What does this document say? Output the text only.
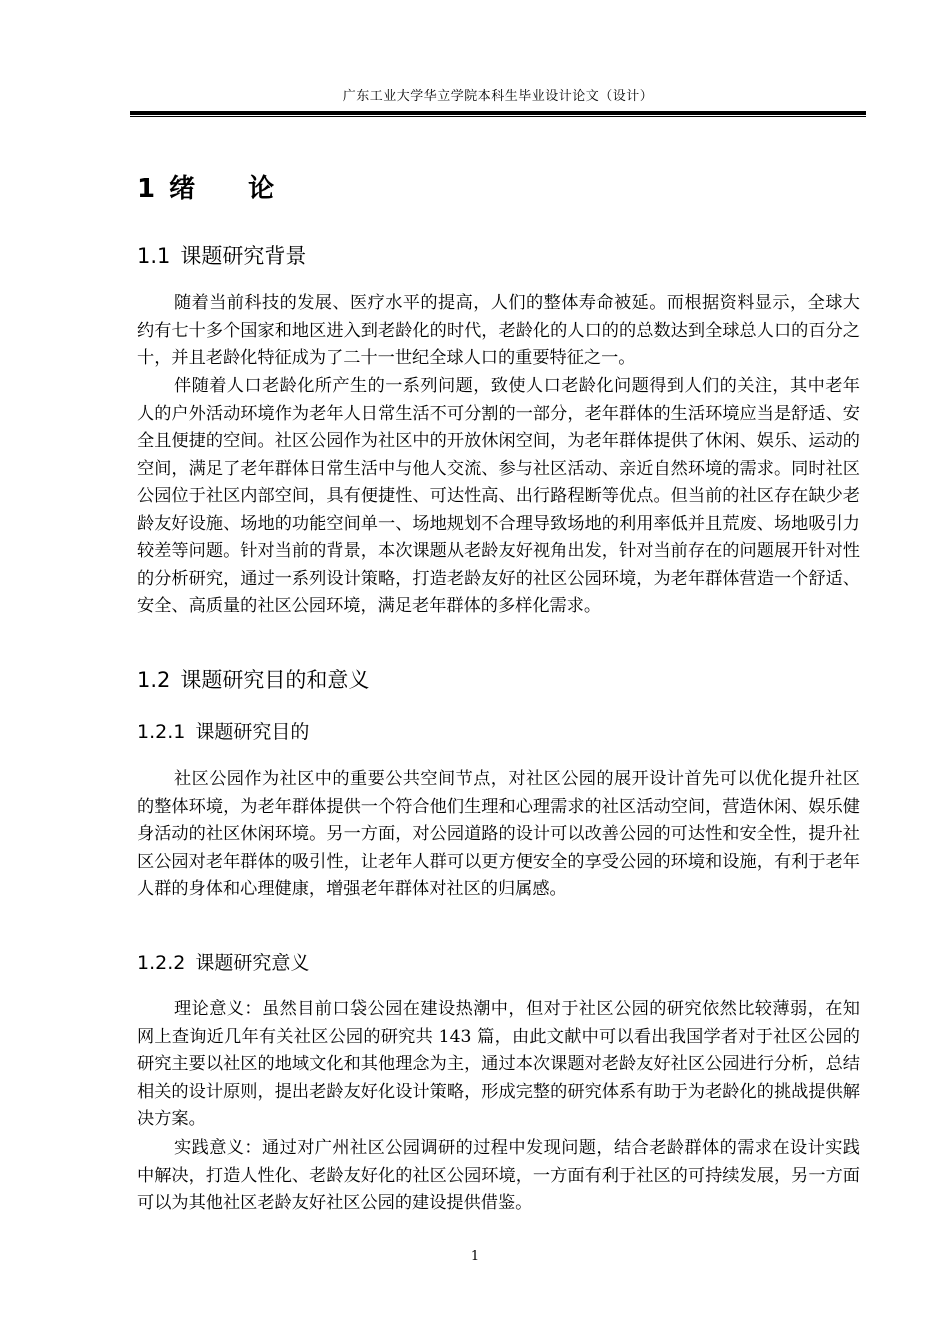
广东工业大学华立学院本科生毕业设计论文（设计）
1 绪 论
1.1 课题研究背景

随着当前科技的发展、医疗水平的提高，人们的整体寿命被延。而根据资料显示，全球大约有七十多个国家和地区进入到老龄化的时代，老龄化的人口的的总数达到全球总人口的百分之十，并且老龄化特征成为了二十一世纪全球人口的重要特征之一。

伴随着人口老龄化所产生的一系列问题，致使人口老龄化问题得到人们的关注，其中老年人的户外活动环境作为老年人日常生活不可分割的一部分，老年群体的生活环境应当是舒适、安全且便捷的空间。社区公园作为社区中的开放休闲空间，为老年群体提供了休闲、娱乐、运动的空间，满足了老年群体日常生活中与他人交流、参与社区活动、亲近自然环境的需求。同时社区公园位于社区内部空间，具有便捷性、可达性高、出行路程断等优点。但当前的社区存在缺少老龄友好设施、场地的功能空间单一、场地规划不合理导致场地的利用率低并且荒废、场地吸引力较差等问题。针对当前的背景，本次课题从老龄友好视角出发，针对当前存在的问题展开针对性的分析研究，通过一系列设计策略，打造老龄友好的社区公园环境，为老年群体营造一个舒适、安全、高质量的社区公园环境，满足老年群体的多样化需求。

1.2 课题研究目的和意义
1.2.1 课题研究目的

社区公园作为社区中的重要公共空间节点，对社区公园的展开设计首先可以优化提升社区的整体环境，为老年群体提供一个符合他们生理和心理需求的社区活动空间，营造休闲、娱乐健身活动的社区休闲环境。另一方面，对公园道路的设计可以改善公园的可达性和安全性，提升社区公园对老年群体的吸引性，让老年人群可以更方便安全的享受公园的环境和设施，有利于老年人群的身体和心理健康，增强老年群体对社区的归属感。

1.2.2 课题研究意义

理论意义：虽然目前口袋公园在建设热潮中，但对于社区公园的研究依然比较薄弱，在知网上查询近几年有关社区公园的研究共 143 篇，由此文献中可以看出我国学者对于社区公园的研究主要以社区的地域文化和其他理念为主，通过本次课题对老龄友好社区公园进行分析，总结相关的设计原则，提出老龄友好化设计策略，形成完整的研究体系有助于为老龄化的挑战提供解决方案。

实践意义：通过对广州社区公园调研的过程中发现问题，结合老龄群体的需求在设计实践中解决，打造人性化、老龄友好化的社区公园环境，一方面有利于社区的可持续发展，另一方面可以为其他社区老龄友好社区公园的建设提供借鉴。

1
